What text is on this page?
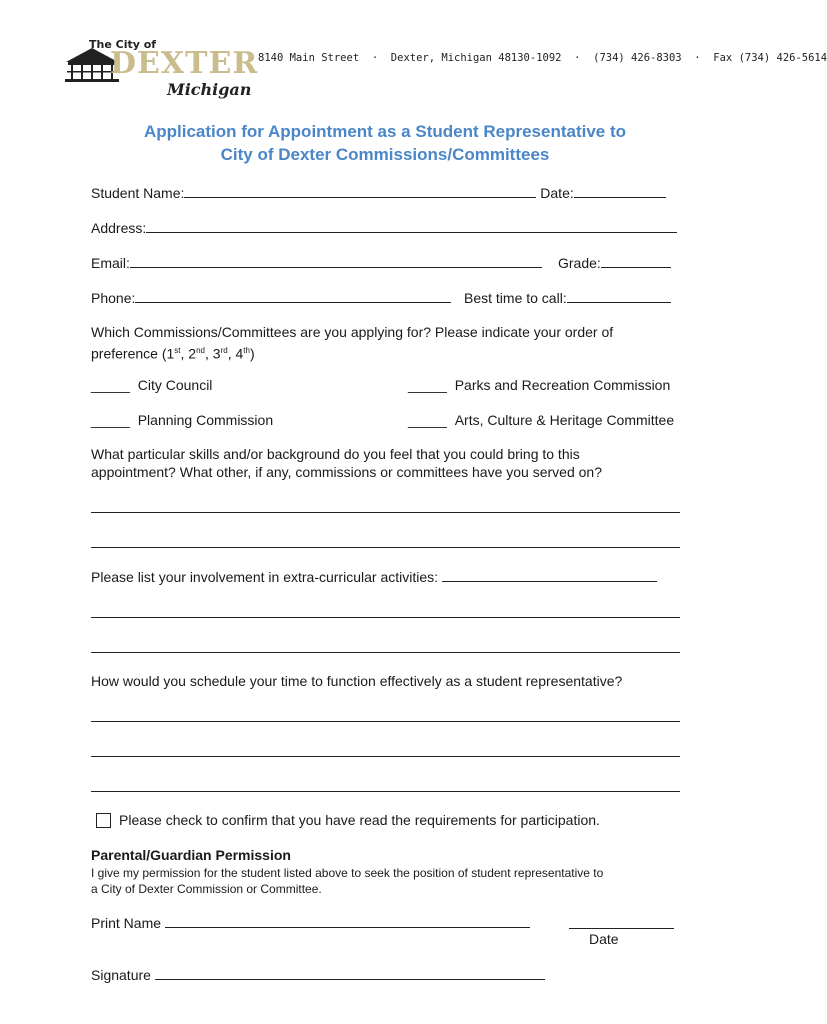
The City of
DEXTER
Michigan
8140 Main Street · Dexter, Michigan 48130-1092 · (734) 426-8303 · Fax (734) 426-5614
Application for Appointment as a Student Representative to
City of Dexter Commissions/Committees
Student Name:	Date:
Address:
Email:	Grade:
Phone:	Best time to call:
Which Commissions/Committees are you applying for? Please indicate your order of
preference (1st, 2nd, 3rd, 4th)
_____ City Council	_____ Parks and Recreation Commission
_____ Planning Commission	_____ Arts, Culture & Heritage Committee
What particular skills and/or background do you feel that you could bring to this
appointment? What other, if any, commissions or committees have you served on?
Please list your involvement in extra-curricular activities:
How would you schedule your time to function effectively as a student representative?
Please check to confirm that you have read the requirements for participation.
Parental/Guardian Permission
I give my permission for the student listed above to seek the position of student representative to
a City of Dexter Commission or Committee.
Print Name
Date
Signature
